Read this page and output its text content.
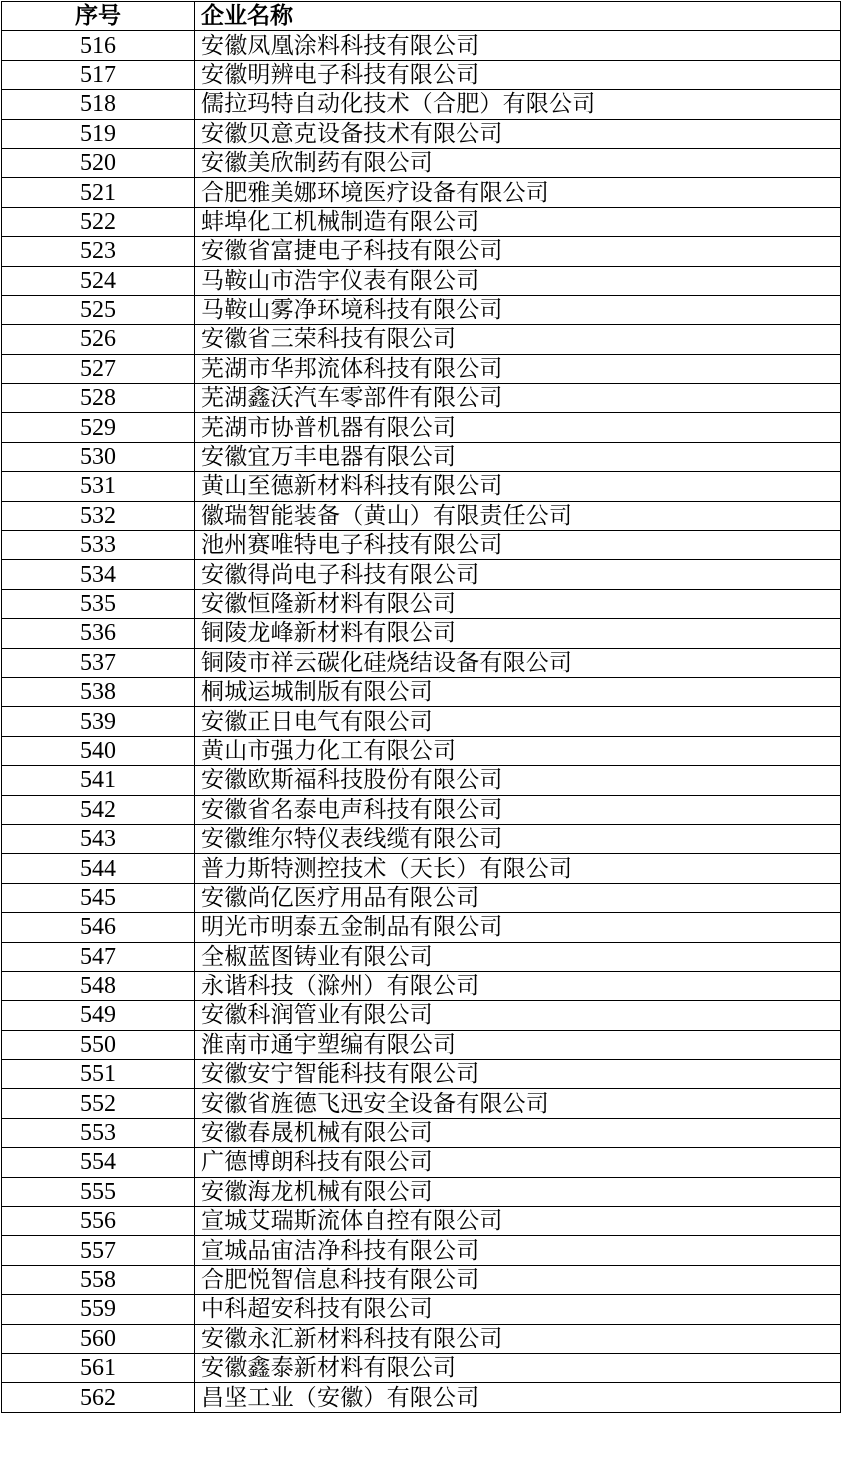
序号	企业名称
516	安徽凤凰涂料科技有限公司
517	安徽明辨电子科技有限公司
518	儒拉玛特自动化技术（合肥）有限公司
519	安徽贝意克设备技术有限公司
520	安徽美欣制药有限公司
521	合肥雅美娜环境医疗设备有限公司
522	蚌埠化工机械制造有限公司
523	安徽省富捷电子科技有限公司
524	马鞍山市浩宇仪表有限公司
525	马鞍山雾净环境科技有限公司
526	安徽省三荣科技有限公司
527	芜湖市华邦流体科技有限公司
528	芜湖鑫沃汽车零部件有限公司
529	芜湖市协普机器有限公司
530	安徽宜万丰电器有限公司
531	黄山至德新材料科技有限公司
532	徽瑞智能装备（黄山）有限责任公司
533	池州赛唯特电子科技有限公司
534	安徽得尚电子科技有限公司
535	安徽恒隆新材料有限公司
536	铜陵龙峰新材料有限公司
537	铜陵市祥云碳化硅烧结设备有限公司
538	桐城运城制版有限公司
539	安徽正日电气有限公司
540	黄山市强力化工有限公司
541	安徽欧斯福科技股份有限公司
542	安徽省名泰电声科技有限公司
543	安徽维尔特仪表线缆有限公司
544	普力斯特测控技术（天长）有限公司
545	安徽尚亿医疗用品有限公司
546	明光市明泰五金制品有限公司
547	全椒蓝图铸业有限公司
548	永谐科技（滁州）有限公司
549	安徽科润管业有限公司
550	淮南市通宇塑编有限公司
551	安徽安宁智能科技有限公司
552	安徽省旌德飞迅安全设备有限公司
553	安徽春晟机械有限公司
554	广德博朗科技有限公司
555	安徽海龙机械有限公司
556	宣城艾瑞斯流体自控有限公司
557	宣城品宙洁净科技有限公司
558	合肥悦智信息科技有限公司
559	中科超安科技有限公司
560	安徽永汇新材料科技有限公司
561	安徽鑫泰新材料有限公司
562	昌坚工业（安徽）有限公司
